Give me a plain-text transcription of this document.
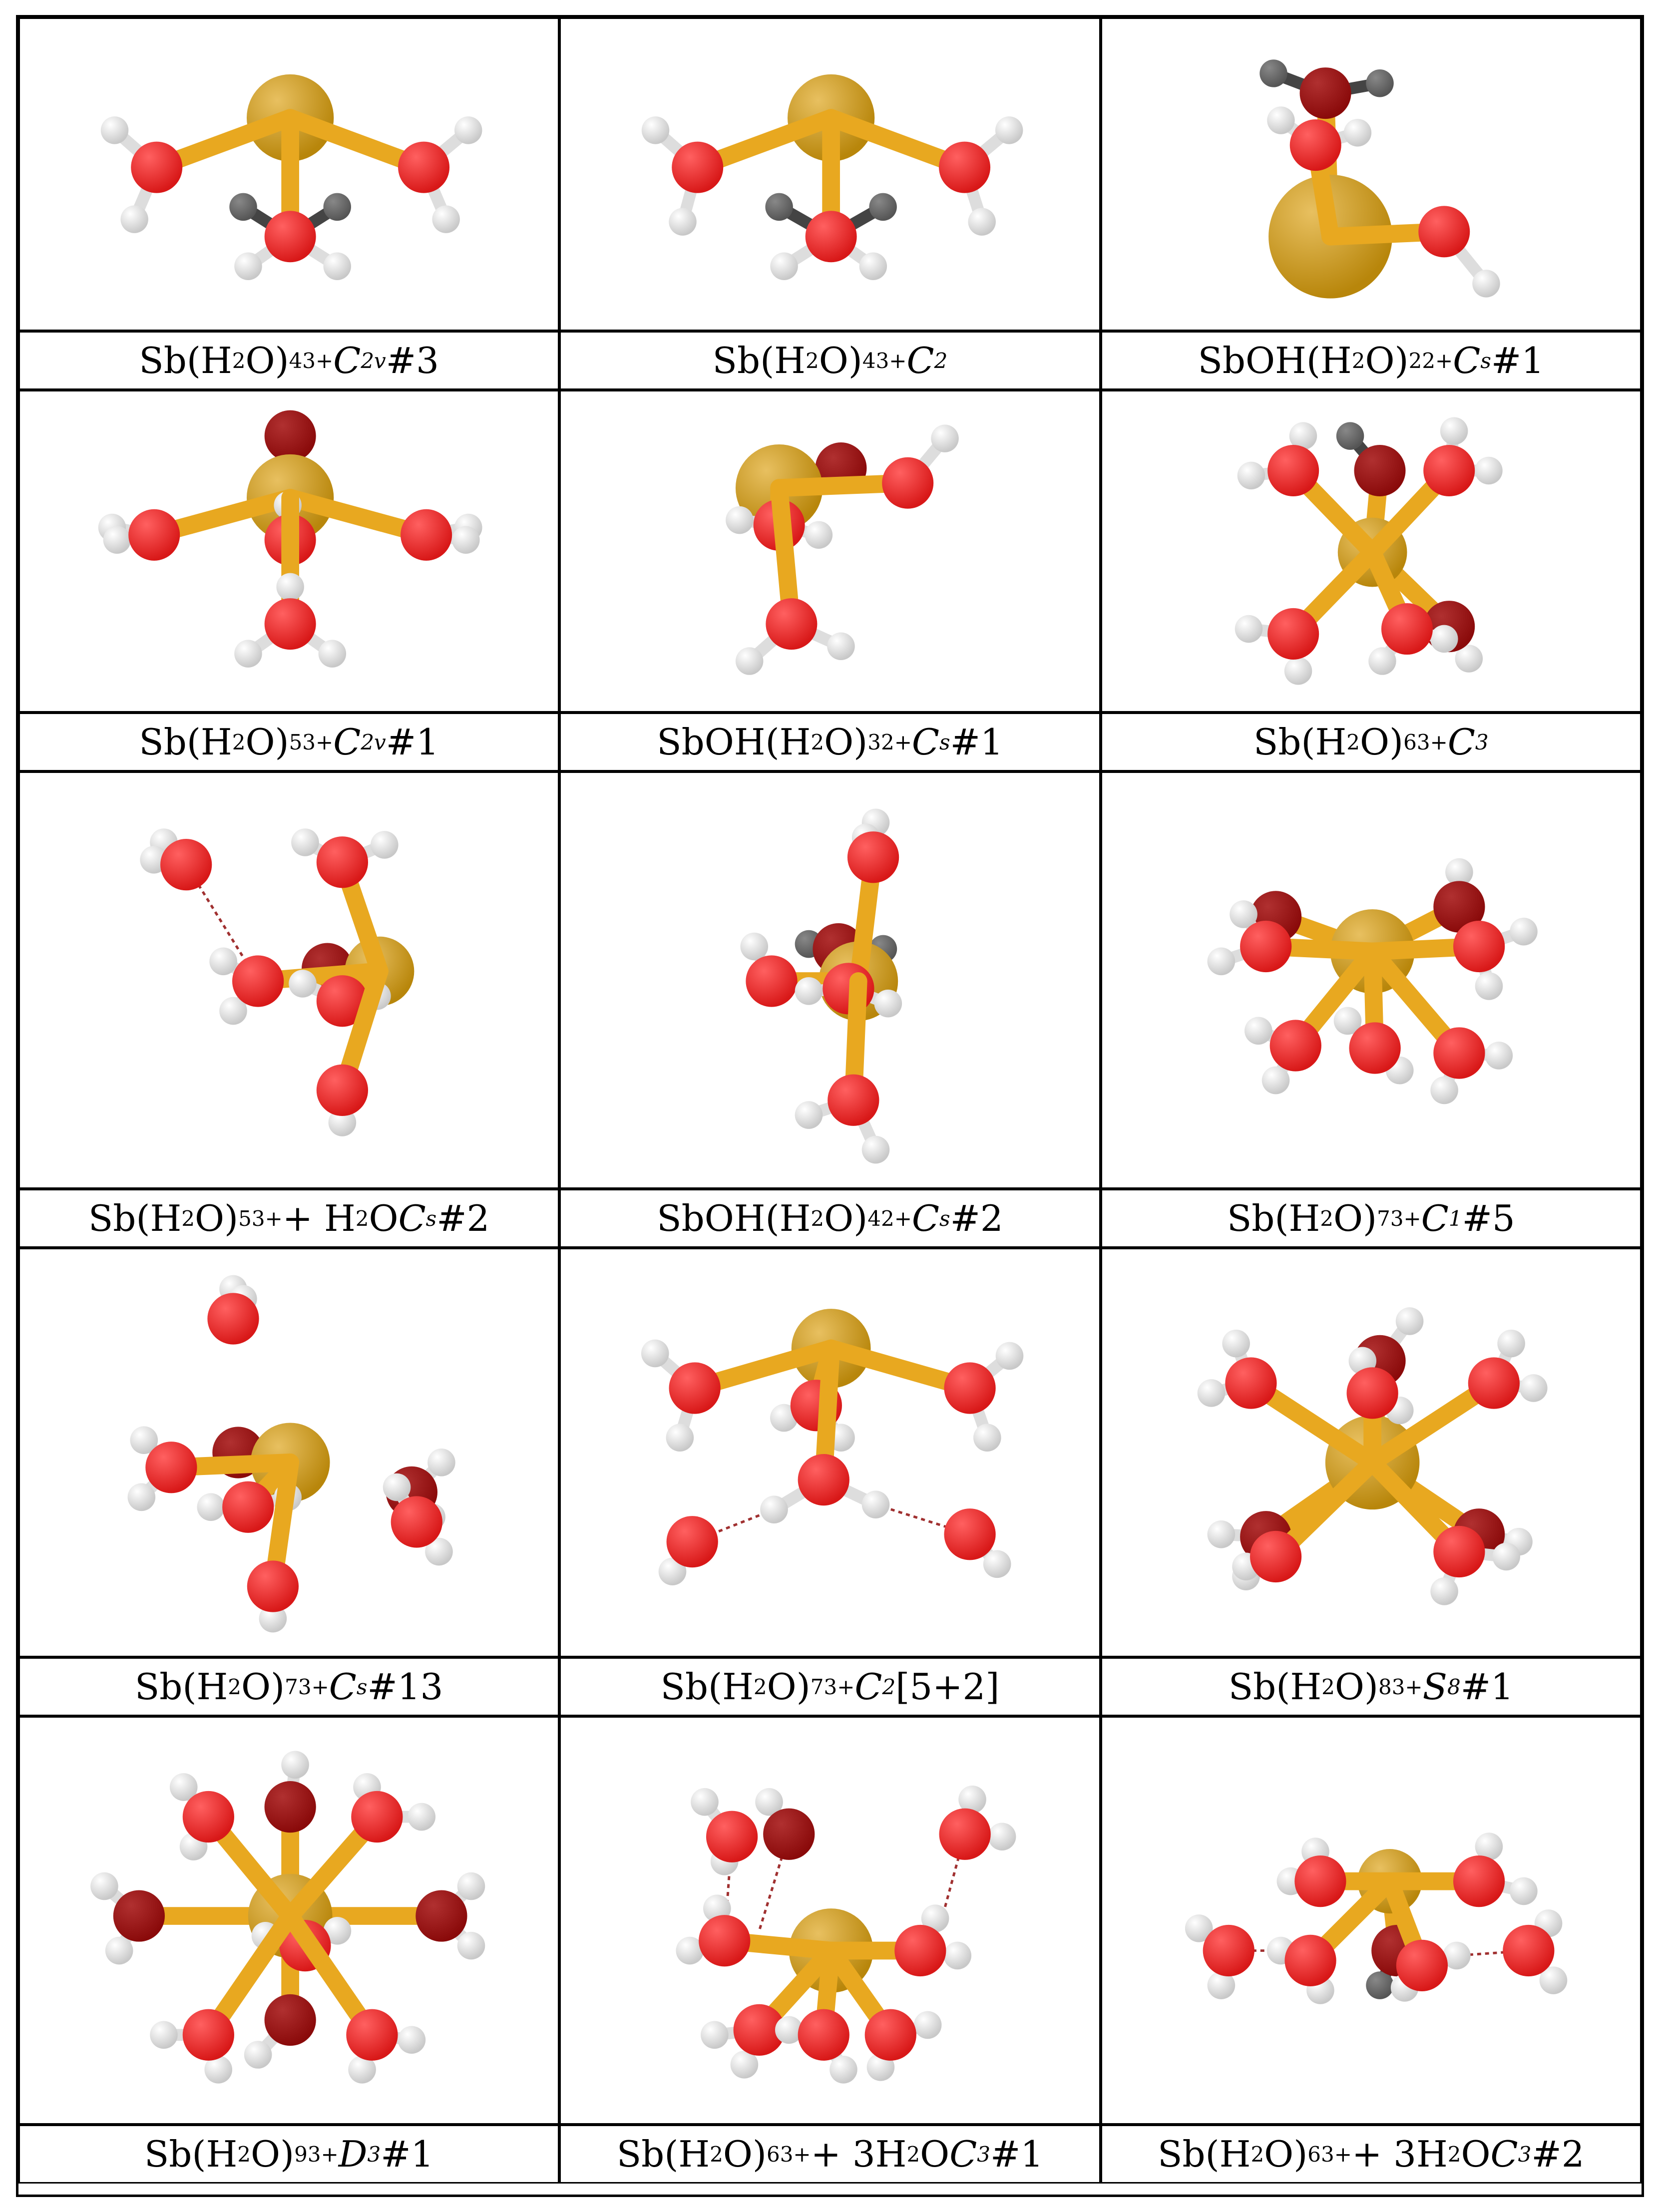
Sb(H 2 O) 4 3+ C 2v #3	Sb(H 2 O) 4 3+ C 2	SbOH(H 2 O) 2 2+ C s #1
Sb(H 2 O) 5 3+ C 2v #1	SbOH(H 2 O) 3 2+ C s #1	Sb(H 2 O) 6 3+ C 3
Sb(H 2 O) 5 3+ + H 2 O C s #2	SbOH(H 2 O) 4 2+ C s #2	Sb(H 2 O) 7 3+ C 1 #5
Sb(H 2 O) 7 3+ C s #13	Sb(H 2 O) 7 3+ C 2 [5+2]	Sb(H 2 O) 8 3+ S 8 #1
Sb(H 2 O) 9 3+ D 3 #1	Sb(H 2 O) 6 3+ + 3H 2 O C 3 #1	Sb(H 2 O) 6 3+ + 3H 2 O C 3 #2
